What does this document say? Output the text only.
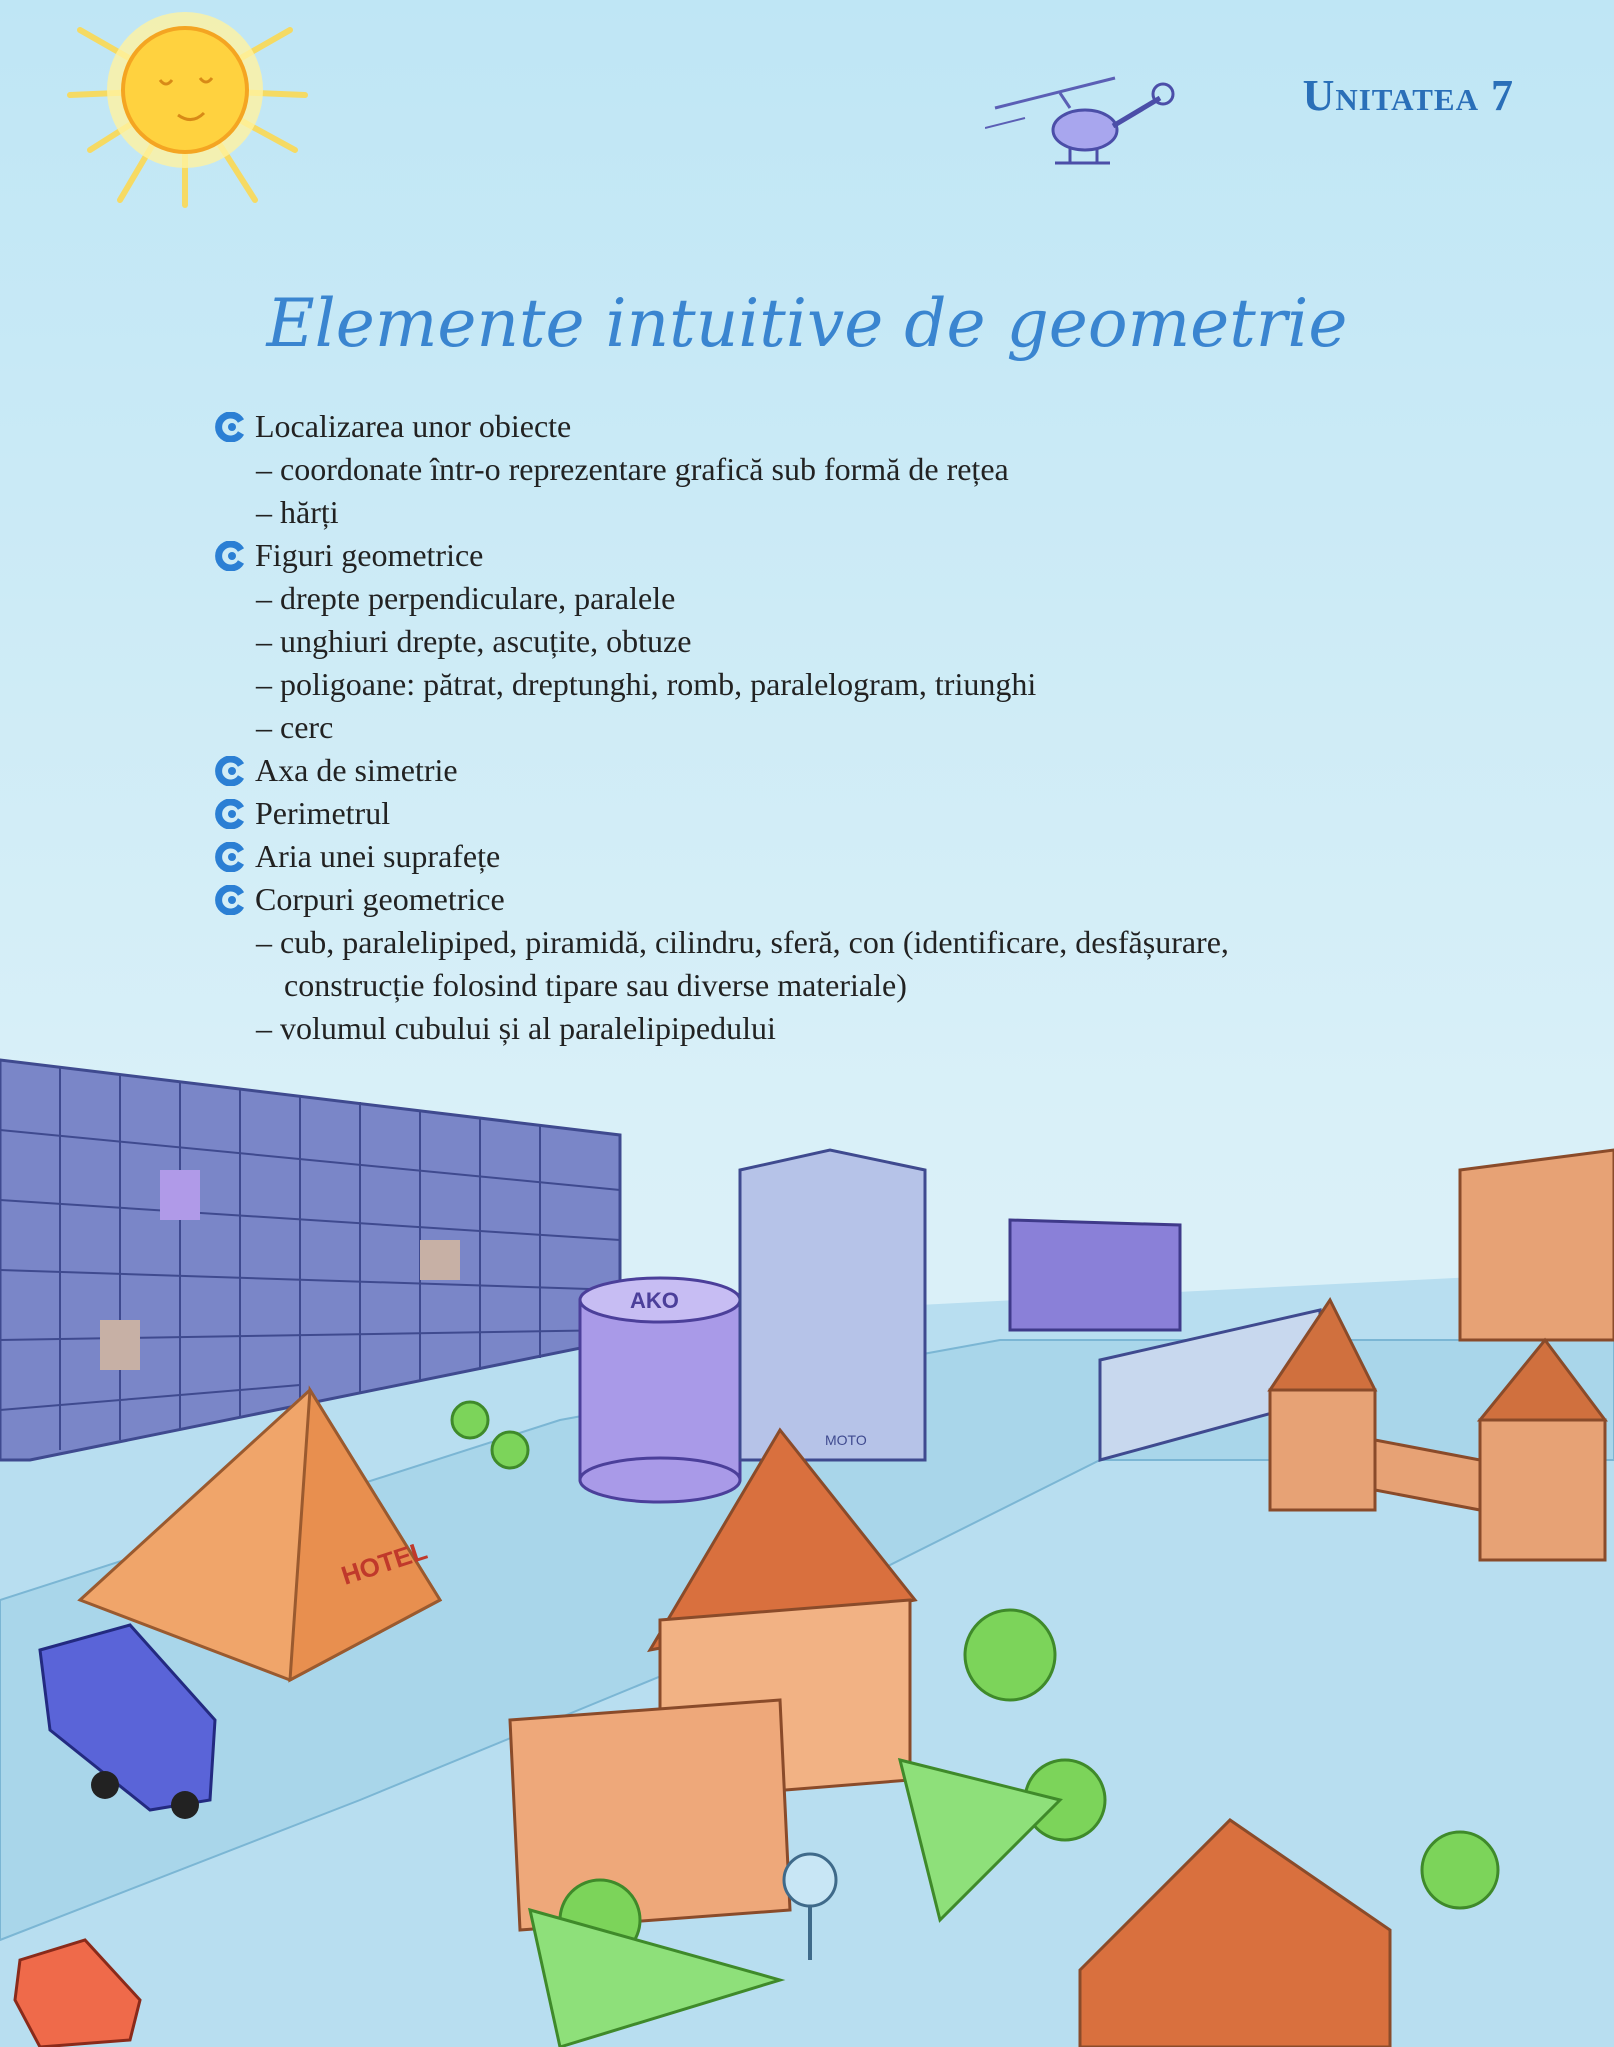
Unitatea 7
Elemente intuitive de geometrie
Localizarea unor obiecte
– coordonate într-o reprezentare grafică sub formă de rețea
– hărți
Figuri geometrice
– drepte perpendiculare, paralele
– unghiuri drepte, ascuțite, obtuze
– poligoane: pătrat, dreptunghi, romb, paralelogram, triunghi
– cerc
Axa de simetrie
Perimetrul
Aria unei suprafețe
Corpuri geometrice
– cub, paralelipiped, piramidă, cilindru, sferă, con (identificare, desfășurare,
construcție folosind tipare sau diverse materiale)
– volumul cubului și al paralelipipedului
HOTEL
AKO
MOTO
